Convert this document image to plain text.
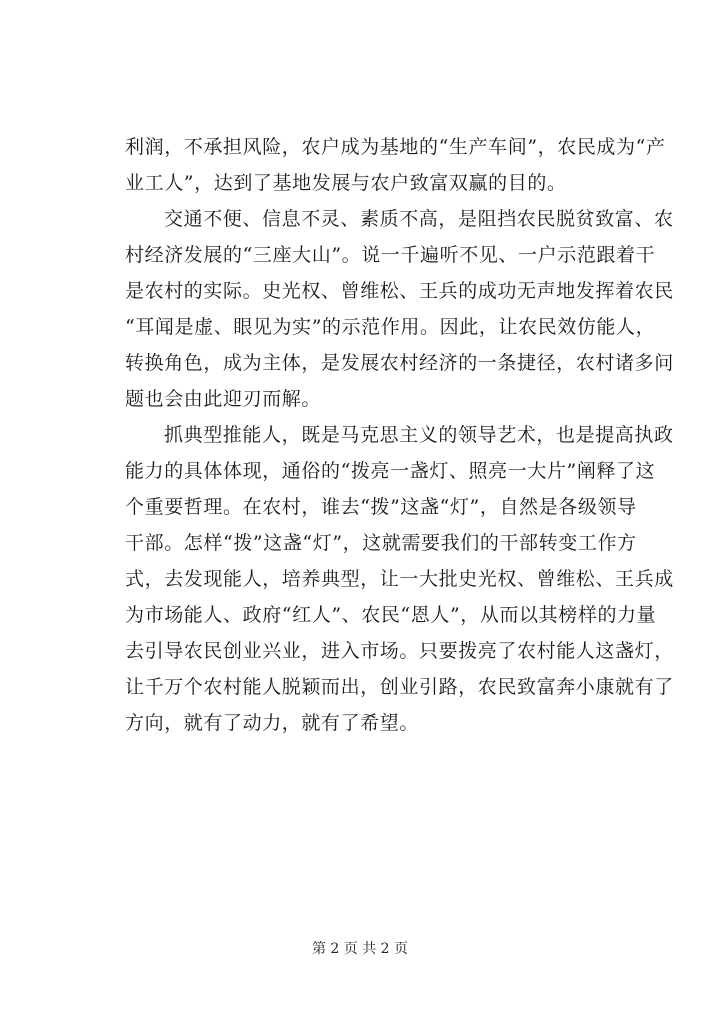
利润，不承担风险，农户成为基地的“生产车间”，农民成为“产
业工人”，达到了基地发展与农户致富双赢的目的。
交通不便、信息不灵、素质不高，是阻挡农民脱贫致富、农
村经济发展的“三座大山”。说一千遍听不见、一户示范跟着干
是农村的实际。史光权、曾维松、王兵的成功无声地发挥着农民
“耳闻是虚、眼见为实”的示范作用。因此，让农民效仿能人，
转换角色，成为主体，是发展农村经济的一条捷径，农村诸多问
题也会由此迎刃而解。
抓典型推能人，既是马克思主义的领导艺术，也是提高执政
能力的具体体现，通俗的“拨亮一盏灯、照亮一大片”阐释了这
个重要哲理。在农村，谁去“拨”这盏“灯”，自然是各级领导
干部。怎样“拨”这盏“灯”，这就需要我们的干部转变工作方
式，去发现能人，培养典型，让一大批史光权、曾维松、王兵成
为市场能人、政府“红人”、农民“恩人”，从而以其榜样的力量
去引导农民创业兴业，进入市场。只要拨亮了农村能人这盏灯，
让千万个农村能人脱颖而出，创业引路，农民致富奔小康就有了
方向，就有了动力，就有了希望。
第 2 页 共 2 页
